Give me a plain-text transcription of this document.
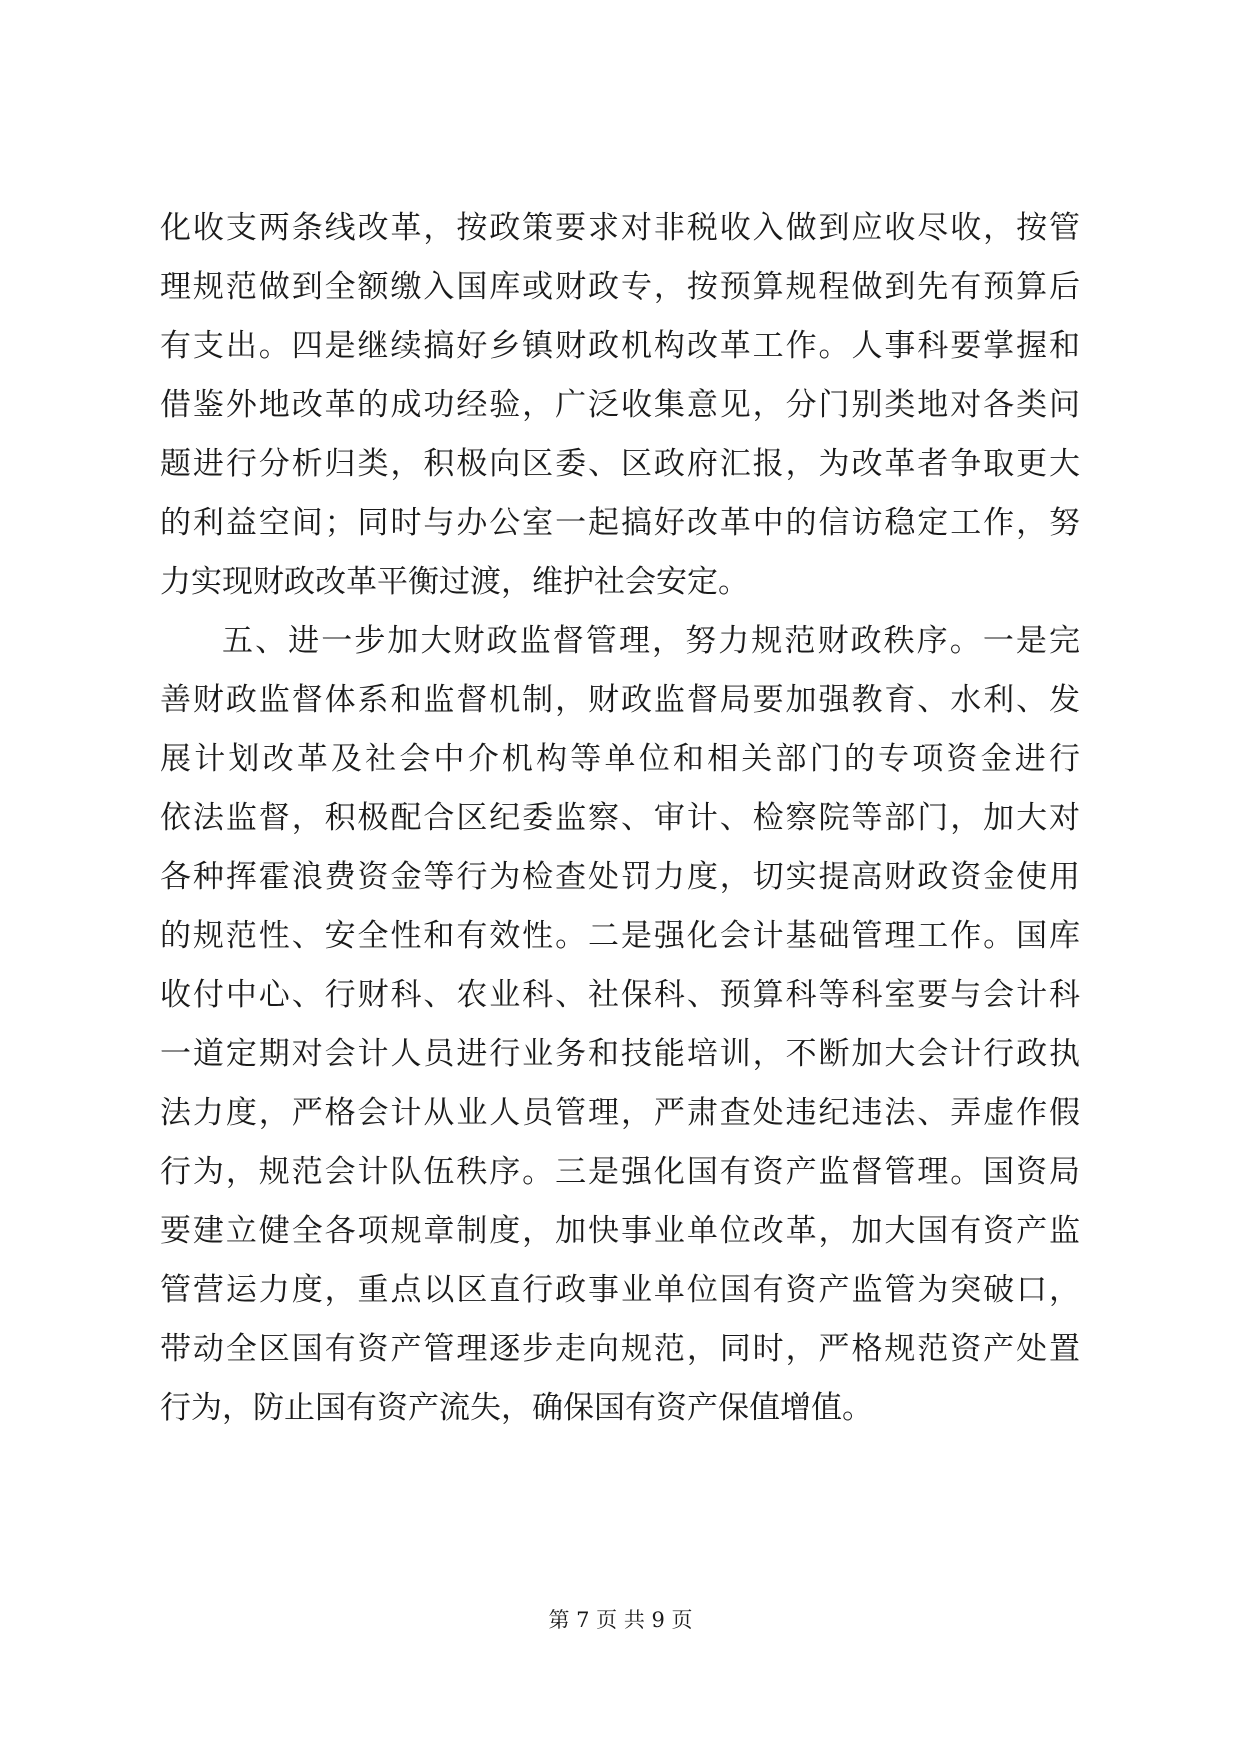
化收支两条线改革，按政策要求对非税收入做到应收尽收，按管
理规范做到全额缴入国库或财政专，按预算规程做到先有预算后
有支出。四是继续搞好乡镇财政机构改革工作。人事科要掌握和
借鉴外地改革的成功经验，广泛收集意见，分门别类地对各类问
题进行分析归类，积极向区委、区政府汇报，为改革者争取更大
的利益空间；同时与办公室一起搞好改革中的信访稳定工作，努
力实现财政改革平衡过渡，维护社会安定。
五、进一步加大财政监督管理，努力规范财政秩序。一是完
善财政监督体系和监督机制，财政监督局要加强教育、水利、发
展计划改革及社会中介机构等单位和相关部门的专项资金进行
依法监督，积极配合区纪委监察、审计、检察院等部门，加大对
各种挥霍浪费资金等行为检查处罚力度，切实提高财政资金使用
的规范性、安全性和有效性。二是强化会计基础管理工作。国库
收付中心、行财科、农业科、社保科、预算科等科室要与会计科
一道定期对会计人员进行业务和技能培训，不断加大会计行政执
法力度，严格会计从业人员管理，严肃查处违纪违法、弄虚作假
行为，规范会计队伍秩序。三是强化国有资产监督管理。国资局
要建立健全各项规章制度，加快事业单位改革，加大国有资产监
管营运力度，重点以区直行政事业单位国有资产监管为突破口，
带动全区国有资产管理逐步走向规范，同时，严格规范资产处置
行为，防止国有资产流失，确保国有资产保值增值。
第 7 页 共 9 页
